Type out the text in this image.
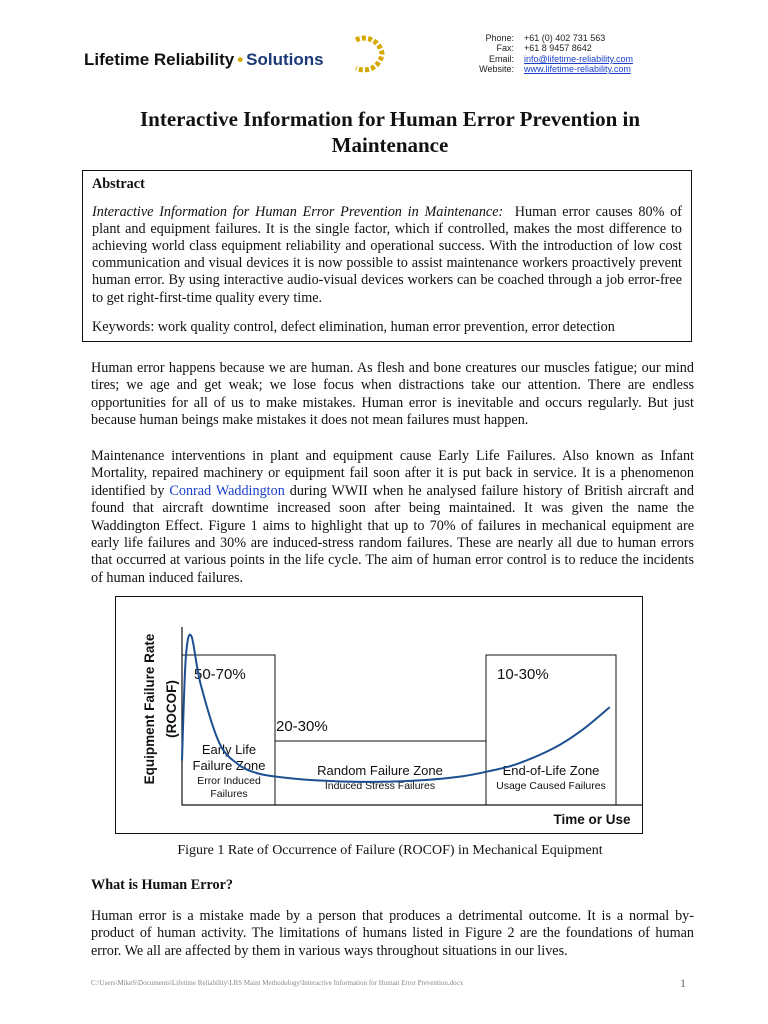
Lifetime Reliability • Solutions
Phone:	+61 (0) 402 731 563
Fax:	+61 8 9457 8642
Email:	info@lifetime-reliability.com
Website:	www.lifetime-reliability.com
Interactive Information for Human Error Prevention in Maintenance
Abstract

Interactive Information for Human Error Prevention in Maintenance: Human error causes 80% of plant and equipment failures. It is the single factor, which if controlled, makes the most difference to achieving world class equipment reliability and operational success. With the introduction of low cost communication and visual devices it is now possible to assist maintenance workers proactively prevent human error. By using interactive audio-visual devices workers can be coached through a job error-free to get right-first-time quality every time.

Keywords: work quality control, defect elimination, human error prevention, error detection

Human error happens because we are human. As flesh and bone creatures our muscles fatigue; our mind tires; we age and get weak; we lose focus when distractions take our attention. There are endless opportunities for all of us to make mistakes. Human error is inevitable and occurs regularly. But just because human beings make mistakes it does not mean failures must happen.

Maintenance interventions in plant and equipment cause Early Life Failures. Also known as Infant Mortality, repaired machinery or equipment fail soon after it is put back in service. It is a phenomenon identified by Conrad Waddington during WWII when he analysed failure history of British aircraft and found that aircraft downtime increased soon after being maintained. It was given the name the Waddington Effect. Figure 1 aims to highlight that up to 70% of failures in mechanical equipment are early life failures and 30% are induced-stress random failures. These are nearly all due to human errors that occurred at various points in the life cycle. The aim of human error control is to reduce the incidents of human induced failures.

Equipment Failure Rate (ROCOF)
50-70%
20-30%
10-30%
Early Life
Failure Zone
Error Induced
Failures
Random Failure Zone
Induced Stress Failures
End-of-Life Zone
Usage Caused Failures
Time or Use
Figure 1 Rate of Occurrence of Failure (ROCOF) in Mechanical Equipment
What is Human Error?

Human error is a mistake made by a person that produces a detrimental outcome. It is a normal by-product of human activity. The limitations of humans listed in Figure 2 are the foundations of human error. We all are affected by them in various ways throughout situations in our lives.

C:\Users\MikeS\Documents\Lifetime Reliability\LRS Maint Methodology\Interactive Information for Human Error Prevention.docx	1
